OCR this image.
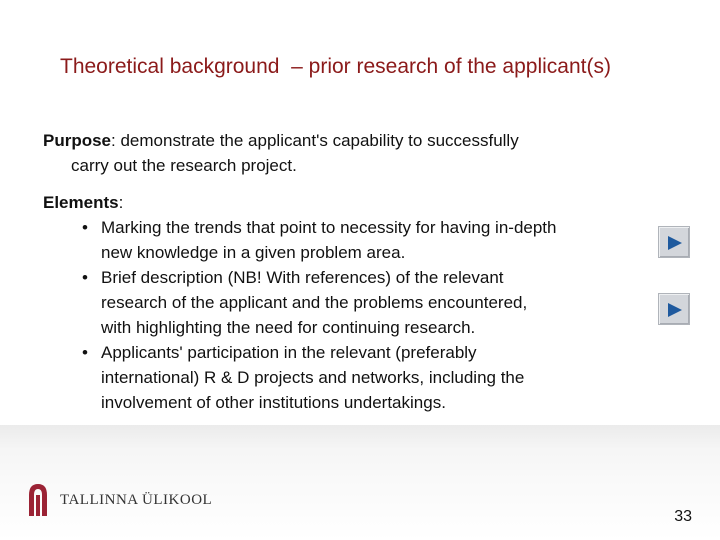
Theoretical background  – prior research of the applicant(s)

Purpose: demonstrate the applicant's capability to successfully

carry out the research project.

Elements:

• Marking the trends that point to necessity for having in-depth
new knowledge in a given problem area.
• Brief description (NB! With references) of the relevant
research of the applicant and the problems encountered,
with highlighting the need for continuing research.
• Applicants' participation in the relevant (preferably
international) R & D projects and networks, including the
involvement of other institutions undertakings.
TALLINNA ÜLIKOOL
33
